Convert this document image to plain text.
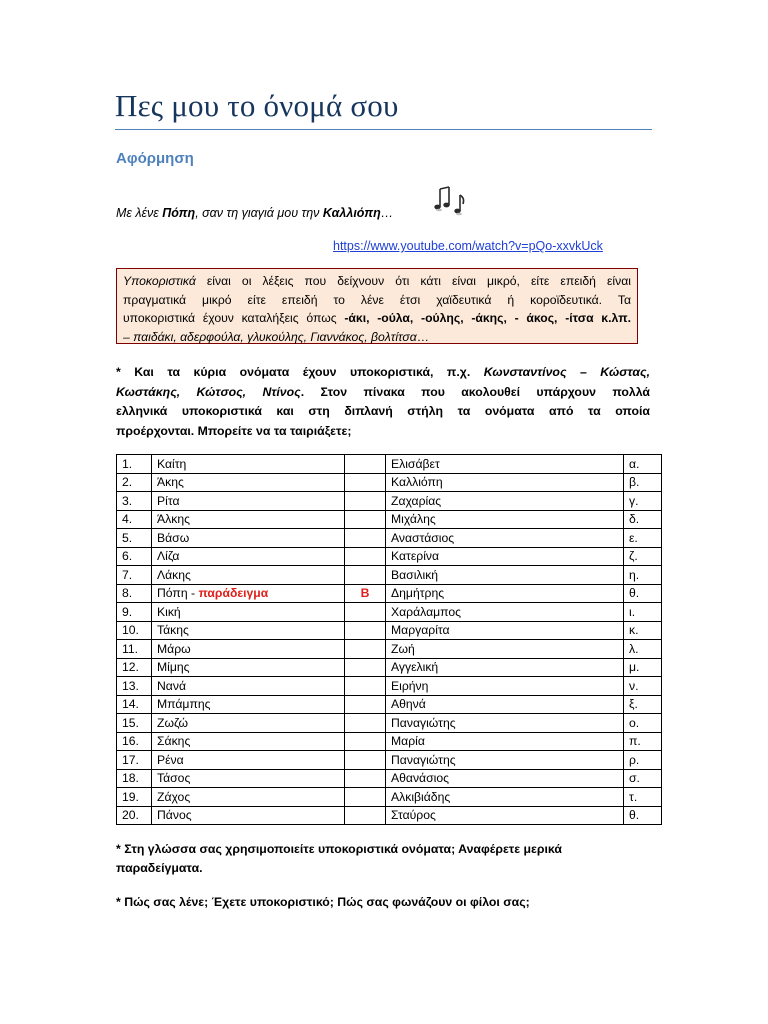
Πες μου το όνομά σου
Αφόρμηση
Με λένε Πόπη, σαν τη γιαγιά μου την Καλλιόπη…
https://www.youtube.com/watch?v=pQo-xxvkUck
Υποκοριστικά είναι οι λέξεις που δείχνουν ότι κάτι είναι μικρό, είτε επειδή είναι
πραγματικά μικρό είτε επειδή το λένε έτσι χαϊδευτικά ή κοροϊδευτικά. Τα
υποκοριστικά έχουν καταλήξεις όπως -άκι, -ούλα, -ούλης, -άκης, - άκος, -ίτσα κ.λπ.
– παιδάκι, αδερφούλα, γλυκούλης, Γιαννάκος, βολτίτσα…
* Και τα κύρια ονόματα έχουν υποκοριστικά, π.χ. Κωνσταντίνος – Κώστας,
Κωστάκης, Κώτσος, Ντίνος. Στον πίνακα που ακολουθεί υπάρχουν πολλά
ελληνικά υποκοριστικά και στη διπλανή στήλη τα ονόματα από τα οποία
προέρχονται. Μπορείτε να τα ταιριάξετε;
1.	Καίτη		Ελισάβετ	α.
2.	Άκης		Καλλιόπη	β.
3.	Ρίτα		Ζαχαρίας	γ.
4.	Άλκης		Μιχάλης	δ.
5.	Βάσω		Αναστάσιος	ε.
6.	Λίζα		Κατερίνα	ζ.
7.	Λάκης		Βασιλική	η.
8.	Πόπη - παράδειγμα	Β	Δημήτρης	θ.
9.	Κική		Χαράλαμπος	ι.
10.	Τάκης		Μαργαρίτα	κ.
11.	Μάρω		Ζωή	λ.
12.	Μίμης		Αγγελική	μ.
13.	Νανά		Ειρήνη	ν.
14.	Μπάμπης		Αθηνά	ξ.
15.	Ζωζώ		Παναγιώτης	ο.
16.	Σάκης		Μαρία	π.
17.	Ρένα		Παναγιώτης	ρ.
18.	Τάσος		Αθανάσιος	σ.
19.	Ζάχος		Αλκιβιάδης	τ.
20.	Πάνος		Σταύρος	θ.
* Στη γλώσσα σας χρησιμοποιείτε υποκοριστικά ονόματα; Αναφέρετε μερικά
παραδείγματα.
* Πώς σας λένε; Έχετε υποκοριστικό; Πώς σας φωνάζουν οι φίλοι σας;
